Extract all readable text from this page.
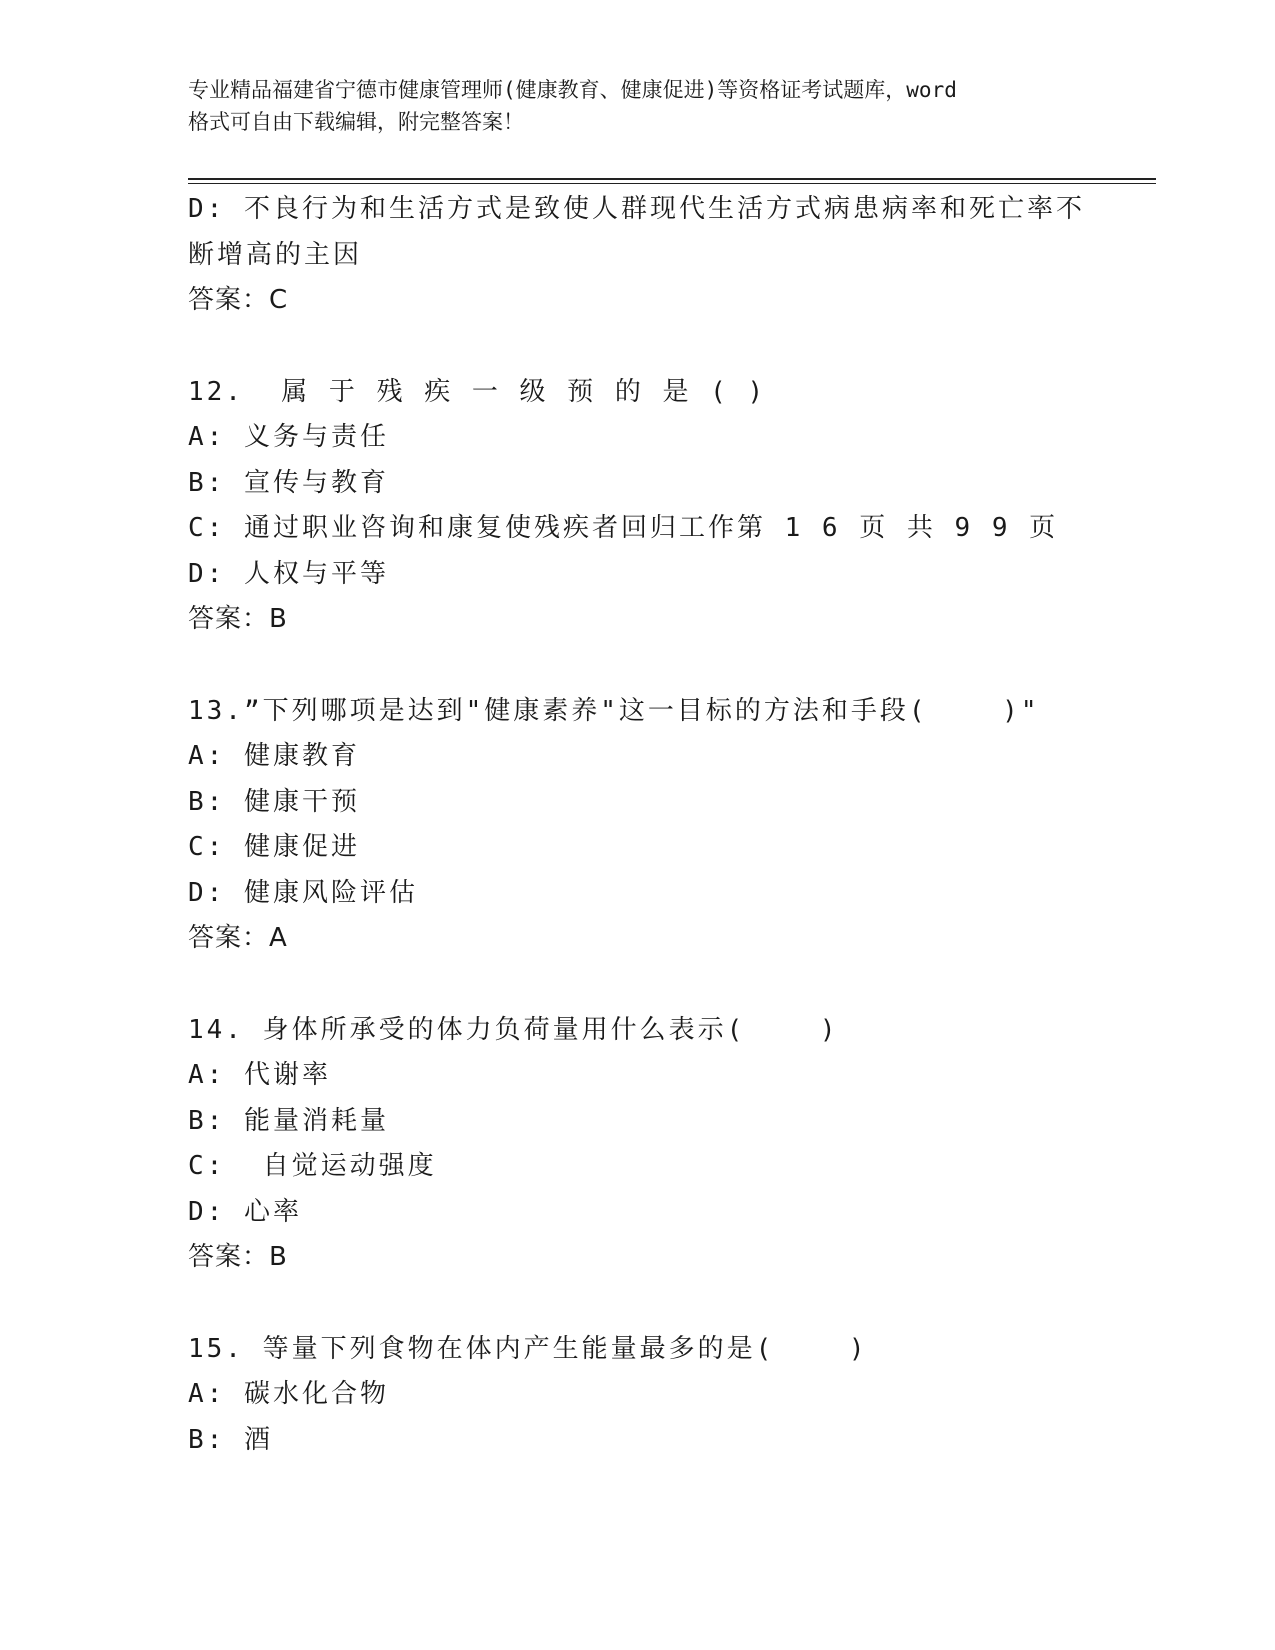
专业精品福建省宁德市健康管理师(健康教育、健康促进)等资格证考试题库，word
格式可自由下载编辑，附完整答案！
D: 不良行为和生活方式是致使人群现代生活方式病患病率和死亡率不
断增高的主因
答案：C
12.  属 于 残 疾 一 级 预 的 是 ( )
A: 义务与责任
B: 宣传与教育
C: 通过职业咨询和康复使残疾者回归工作第 1 6 页 共 9 9 页
D: 人权与平等
答案：B
13.”下列哪项是达到"健康素养"这一目标的方法和手段(    )"
A: 健康教育
B: 健康干预
C: 健康促进
D: 健康风险评估
答案：A
14. 身体所承受的体力负荷量用什么表示(    )
A: 代谢率
B: 能量消耗量
C:  自觉运动强度
D: 心率
答案：B
15. 等量下列食物在体内产生能量最多的是(    )
A: 碳水化合物
B: 酒
